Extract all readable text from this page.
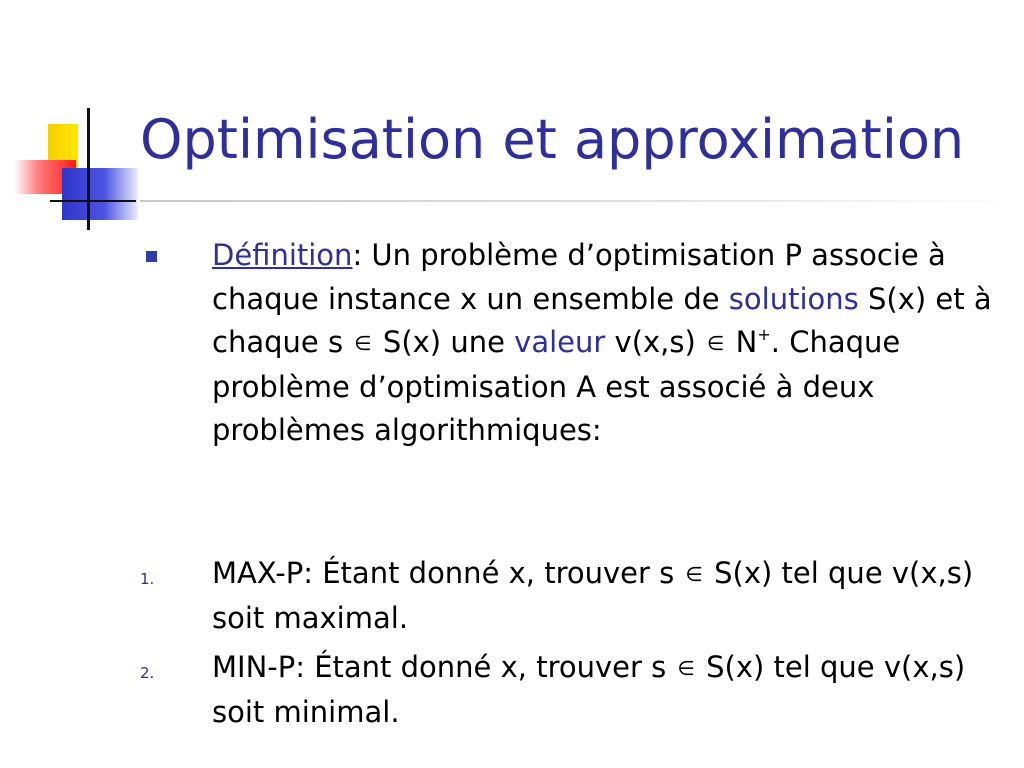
Optimisation et approximation

Définition: Un problème d’optimisation P associe à chaque instance x un ensemble de solutions S(x) et à chaque s ∈ S(x) une valeur v(x,s) ∈ N+. Chaque problème d’optimisation A est associé à deux problèmes algorithmiques:

1. MAX-P: Étant donné x, trouver s ∈ S(x) tel que v(x,s) soit maximal.

2. MIN-P: Étant donné x, trouver s ∈ S(x) tel que v(x,s) soit minimal.
